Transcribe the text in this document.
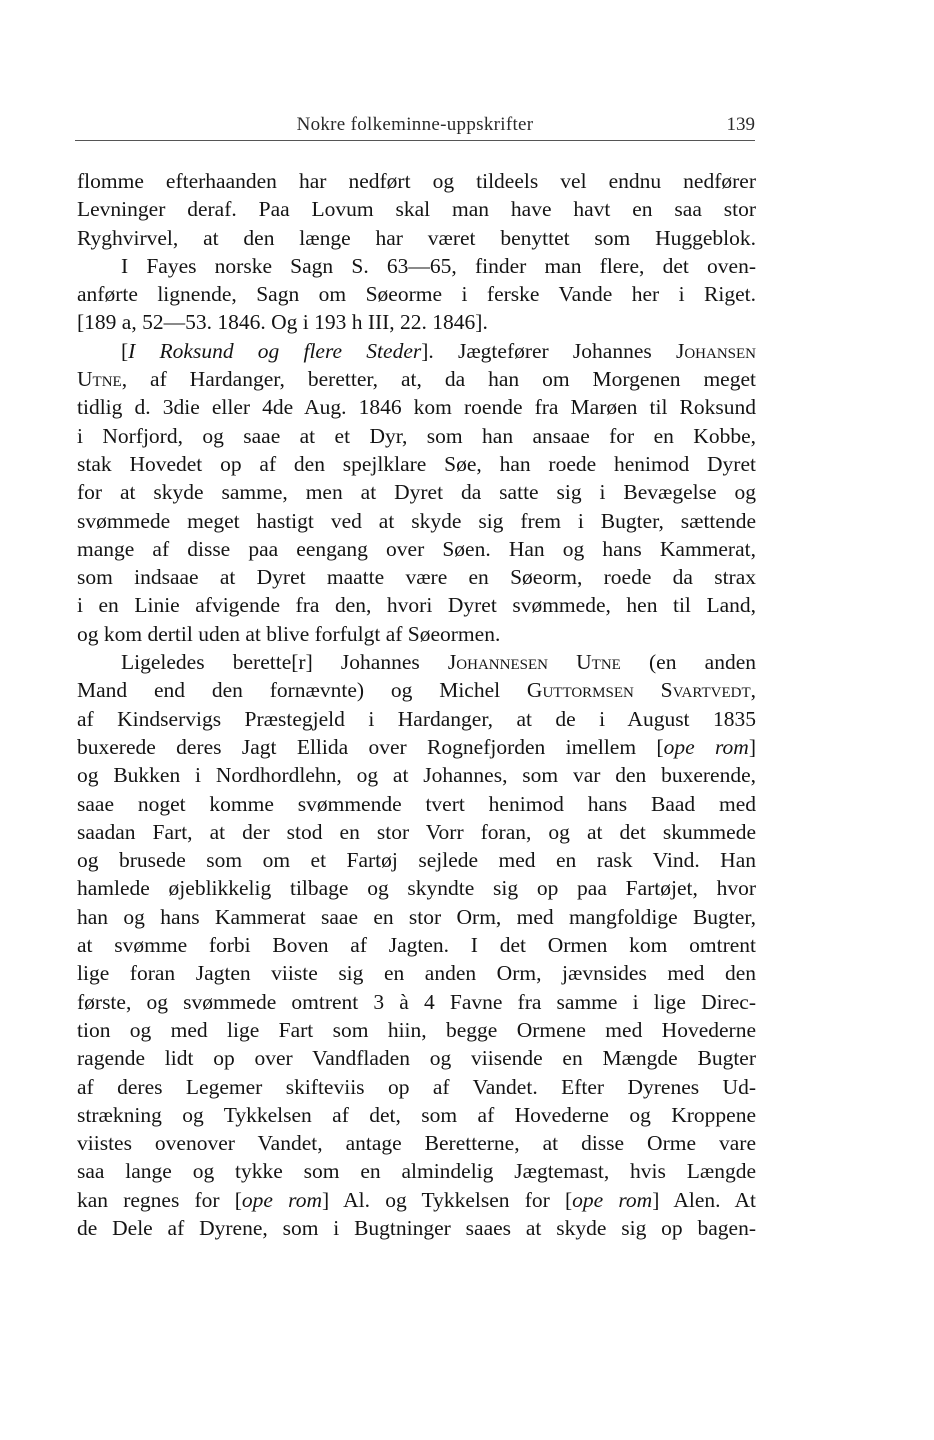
Nokre folkeminne-uppskrifter	139
flomme efterhaanden har nedført og tildeels vel endnu nedfører
Levninger deraf. Paa Lovum skal man have havt en saa stor
Ryghvirvel, at den længe har været benyttet som Huggeblok.
I Fayes norske Sagn S. 63—65, finder man flere, det oven-
anførte lignende, Sagn om Søeorme i ferske Vande her i Riget.
[189 a, 52—53. 1846. Og i 193 h III, 22. 1846].
[I Roksund og flere Steder]. Jægtefører Johannes Johansen
Utne, af Hardanger, beretter, at, da han om Morgenen meget
tidlig d. 3die eller 4de Aug. 1846 kom roende fra Marøen til Roksund
i Norfjord, og saae at et Dyr, som han ansaae for en Kobbe,
stak Hovedet op af den spejlklare Søe, han roede henimod Dyret
for at skyde samme, men at Dyret da satte sig i Bevægelse og
svømmede meget hastigt ved at skyde sig frem i Bugter, sættende
mange af disse paa eengang over Søen. Han og hans Kammerat,
som indsaae at Dyret maatte være en Søeorm, roede da strax
i en Linie afvigende fra den, hvori Dyret svømmede, hen til Land,
og kom dertil uden at blive forfulgt af Søeormen.
Ligeledes berette[r] Johannes Johannesen Utne (en anden
Mand end den fornævnte) og Michel Guttormsen Svartvedt,
af Kindservigs Præstegjeld i Hardanger, at de i August 1835
buxerede deres Jagt Ellida over Rognefjorden imellem [ope rom]
og Bukken i Nordhordlehn, og at Johannes, som var den buxerende,
saae noget komme svømmende tvert henimod hans Baad med
saadan Fart, at der stod en stor Vorr foran, og at det skummede
og brusede som om et Fartøj sejlede med en rask Vind. Han
hamlede øjeblikkelig tilbage og skyndte sig op paa Fartøjet, hvor
han og hans Kammerat saae en stor Orm, med mangfoldige Bugter,
at svømme forbi Boven af Jagten. I det Ormen kom omtrent
lige foran Jagten viiste sig en anden Orm, jævnsides med den
første, og svømmede omtrent 3 à 4 Favne fra samme i lige Direc-
tion og med lige Fart som hiin, begge Ormene med Hovederne
ragende lidt op over Vandfladen og viisende en Mængde Bugter
af deres Legemer skifteviis op af Vandet. Efter Dyrenes Ud-
strækning og Tykkelsen af det, som af Hovederne og Kroppene
viistes ovenover Vandet, antage Beretterne, at disse Orme vare
saa lange og tykke som en almindelig Jægtemast, hvis Længde
kan regnes for [ope rom] Al. og Tykkelsen for [ope rom] Alen. At
de Dele af Dyrene, som i Bugtninger saaes at skyde sig op bagen-
